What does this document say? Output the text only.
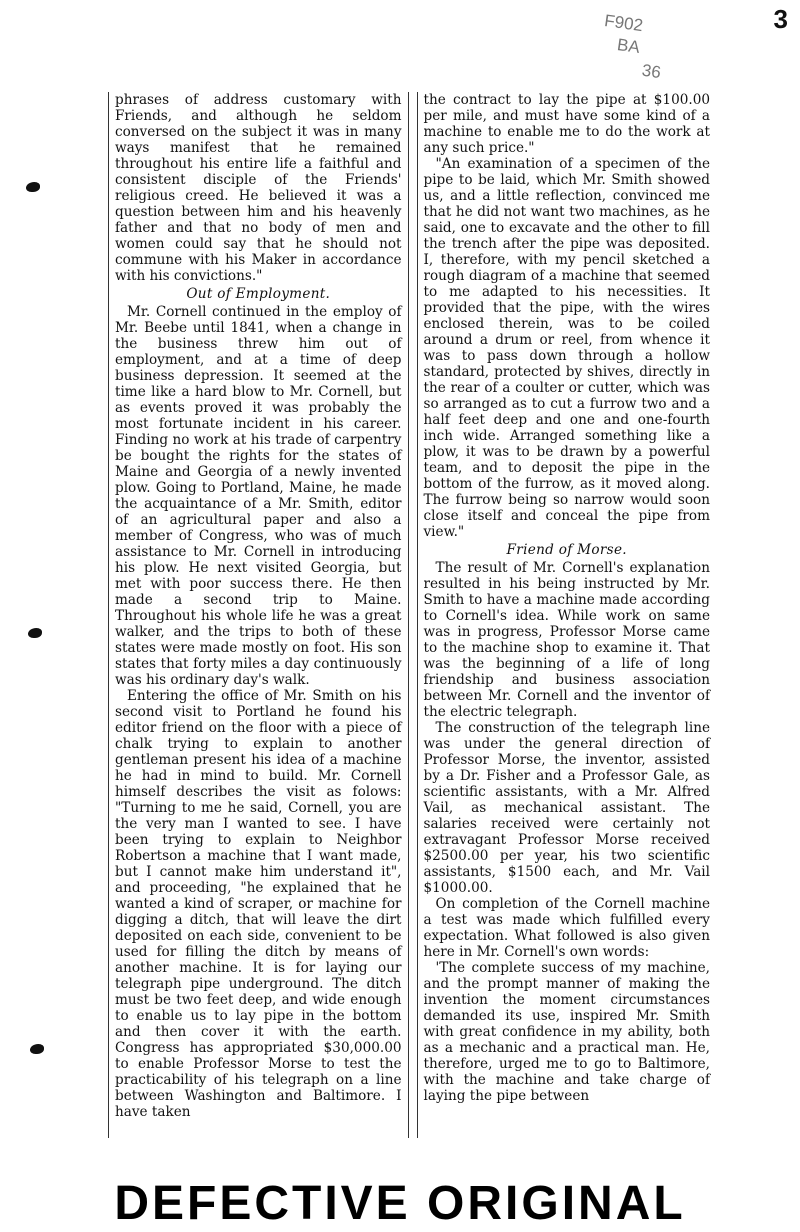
3
F902
BA
36

phrases of address customary with Friends, and although he seldom conversed on the subject it was in many ways manifest that he remained throughout his entire life a faithful and consistent disciple of the Friends' religious creed. He believed it was a question between him and his heavenly father and that no body of men and women could say that he should not commune with his Maker in accordance with his convictions."

Out of Employment.

Mr. Cornell continued in the employ of Mr. Beebe until 1841, when a change in the business threw him out of employment, and at a time of deep business depression. It seemed at the time like a hard blow to Mr. Cornell, but as events proved it was probably the most fortunate incident in his career. Finding no work at his trade of carpentry be bought the rights for the states of Maine and Georgia of a newly invented plow. Going to Portland, Maine, he made the acquaintance of a Mr. Smith, editor of an agricultural paper and also a member of Congress, who was of much assistance to Mr. Cornell in introducing his plow. He next visited Georgia, but met with poor success there. He then made a second trip to Maine. Throughout his whole life he was a great walker, and the trips to both of these states were made mostly on foot. His son states that forty miles a day continuously was his ordinary day's walk.

Entering the office of Mr. Smith on his second visit to Portland he found his editor friend on the floor with a piece of chalk trying to explain to another gentleman present his idea of a machine he had in mind to build. Mr. Cornell himself describes the visit as folows: "Turning to me he said, Cornell, you are the very man I wanted to see. I have been trying to explain to Neighbor Robertson a machine that I want made, but I cannot make him understand it", and proceeding, "he explained that he wanted a kind of scraper, or machine for digging a ditch, that will leave the dirt deposited on each side, convenient to be used for filling the ditch by means of another machine. It is for laying our telegraph pipe underground. The ditch must be two feet deep, and wide enough to enable us to lay pipe in the bottom and then cover it with the earth. Congress has appropriated $30,000.00 to enable Professor Morse to test the practicability of his telegraph on a line between Washington and Baltimore. I have taken

the contract to lay the pipe at $100.00 per mile, and must have some kind of a machine to enable me to do the work at any such price."

"An examination of a specimen of the pipe to be laid, which Mr. Smith showed us, and a little reflection, convinced me that he did not want two machines, as he said, one to excavate and the other to fill the trench after the pipe was deposited. I, therefore, with my pencil sketched a rough diagram of a machine that seemed to me adapted to his necessities. It provided that the pipe, with the wires enclosed therein, was to be coiled around a drum or reel, from whence it was to pass down through a hollow standard, protected by shives, directly in the rear of a coulter or cutter, which was so arranged as to cut a furrow two and a half feet deep and one and one-fourth inch wide. Arranged something like a plow, it was to be drawn by a powerful team, and to deposit the pipe in the bottom of the furrow, as it moved along. The furrow being so narrow would soon close itself and conceal the pipe from view."

Friend of Morse.

The result of Mr. Cornell's explanation resulted in his being instructed by Mr. Smith to have a machine made according to Cornell's idea. While work on same was in progress, Professor Morse came to the machine shop to examine it. That was the beginning of a life of long friendship and business association between Mr. Cornell and the inventor of the electric telegraph.

The construction of the telegraph line was under the general direction of Professor Morse, the inventor, assisted by a Dr. Fisher and a Professor Gale, as scientific assistants, with a Mr. Alfred Vail, as mechanical assistant. The salaries received were certainly not extravagant Professor Morse received $2500.00 per year, his two scientific assistants, $1500 each, and Mr. Vail $1000.00.

On completion of the Cornell machine a test was made which fulfilled every expectation. What followed is also given here in Mr. Cornell's own words:

'The complete success of my machine, and the prompt manner of making the invention the moment circumstances demanded its use, inspired Mr. Smith with great confidence in my ability, both as a mechanic and a practical man. He, therefore, urged me to go to Baltimore, with the machine and take charge of laying the pipe between

DEFECTIVE ORIGINAL
